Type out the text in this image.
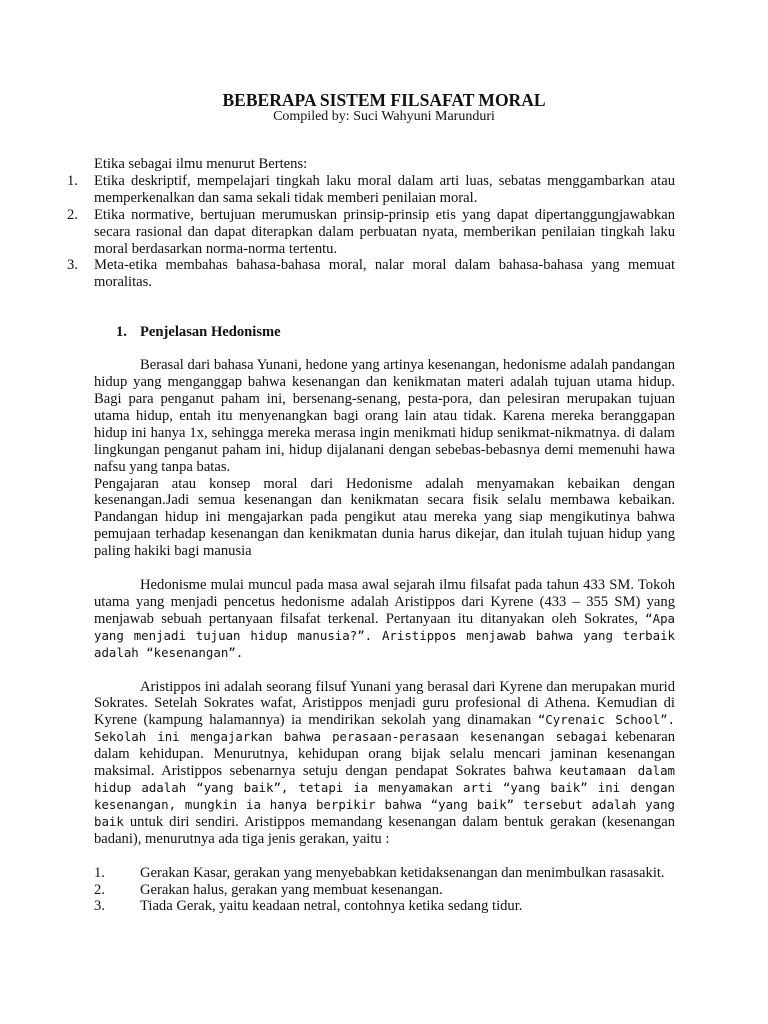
BEBERAPA SISTEM FILSAFAT MORAL
Compiled by: Suci Wahyuni Marunduri

Etika sebagai ilmu menurut Bertens:

1. Etika deskriptif, mempelajari tingkah laku moral dalam arti luas, sebatas menggambarkan atau memperkenalkan dan sama sekali tidak memberi penilaian moral.
2. Etika normative, bertujuan merumuskan prinsip-prinsip etis yang dapat dipertanggungjawabkan secara rasional dan dapat diterapkan dalam perbuatan nyata, memberikan penilaian tingkah laku moral berdasarkan norma-norma tertentu.
3. Meta-etika membahas bahasa-bahasa moral, nalar moral dalam bahasa-bahasa yang memuat moralitas.
1. Penjelasan Hedonisme

Berasal dari bahasa Yunani, hedone yang artinya kesenangan, hedonisme adalah pandangan hidup yang menganggap bahwa kesenangan dan kenikmatan materi adalah tujuan utama hidup. Bagi para penganut paham ini, bersenang-senang, pesta-pora, dan pelesiran merupakan tujuan utama hidup, entah itu menyenangkan bagi orang lain atau tidak. Karena mereka beranggapan hidup ini hanya 1x, sehingga mereka merasa ingin menikmati hidup senikmat-nikmatnya. di dalam lingkungan penganut paham ini, hidup dijalanani dengan sebebas-bebasnya demi memenuhi hawa nafsu yang tanpa batas.

Pengajaran atau konsep moral dari Hedonisme adalah menyamakan kebaikan dengan kesenangan.Jadi semua kesenangan dan kenikmatan secara fisik selalu membawa kebaikan. Pandangan hidup ini mengajarkan pada pengikut atau mereka yang siap mengikutinya bahwa pemujaan terhadap kesenangan dan kenikmatan dunia harus dikejar, dan itulah tujuan hidup yang paling hakiki bagi manusia

Hedonisme mulai muncul pada masa awal sejarah ilmu filsafat pada tahun 433 SM. Tokoh utama yang menjadi pencetus hedonisme adalah Aristippos dari Kyrene (433 – 355 SM) yang menjawab sebuah pertanyaan filsafat terkenal. Pertanyaan itu ditanyakan oleh Sokrates, “Apa yang menjadi tujuan hidup manusia?”. Aristippos menjawab bahwa yang terbaik adalah “kesenangan”.

Aristippos ini adalah seorang filsuf Yunani yang berasal dari Kyrene dan merupakan murid Sokrates. Setelah Sokrates wafat, Aristippos menjadi guru profesional di Athena. Kemudian di Kyrene (kampung halamannya) ia mendirikan sekolah yang dinamakan “Cyrenaic School”. Sekolah ini mengajarkan bahwa perasaan-perasaan kesenangan sebagai kebenaran dalam kehidupan. Menurutnya, kehidupan orang bijak selalu mencari jaminan kesenangan maksimal. Aristippos sebenarnya setuju dengan pendapat Sokrates bahwa keutamaan dalam hidup adalah “yang baik”, tetapi ia menyamakan arti “yang baik” ini dengan kesenangan, mungkin ia hanya berpikir bahwa “yang baik” tersebut adalah yang baik untuk diri sendiri. Aristippos memandang kesenangan dalam bentuk gerakan (kesenangan badani), menurutnya ada tiga jenis gerakan, yaitu :

1. Gerakan Kasar, gerakan yang menyebabkan ketidaksenangan dan menimbulkan rasasakit.
2. Gerakan halus, gerakan yang membuat kesenangan.
3. Tiada Gerak, yaitu keadaan netral, contohnya ketika sedang tidur.
